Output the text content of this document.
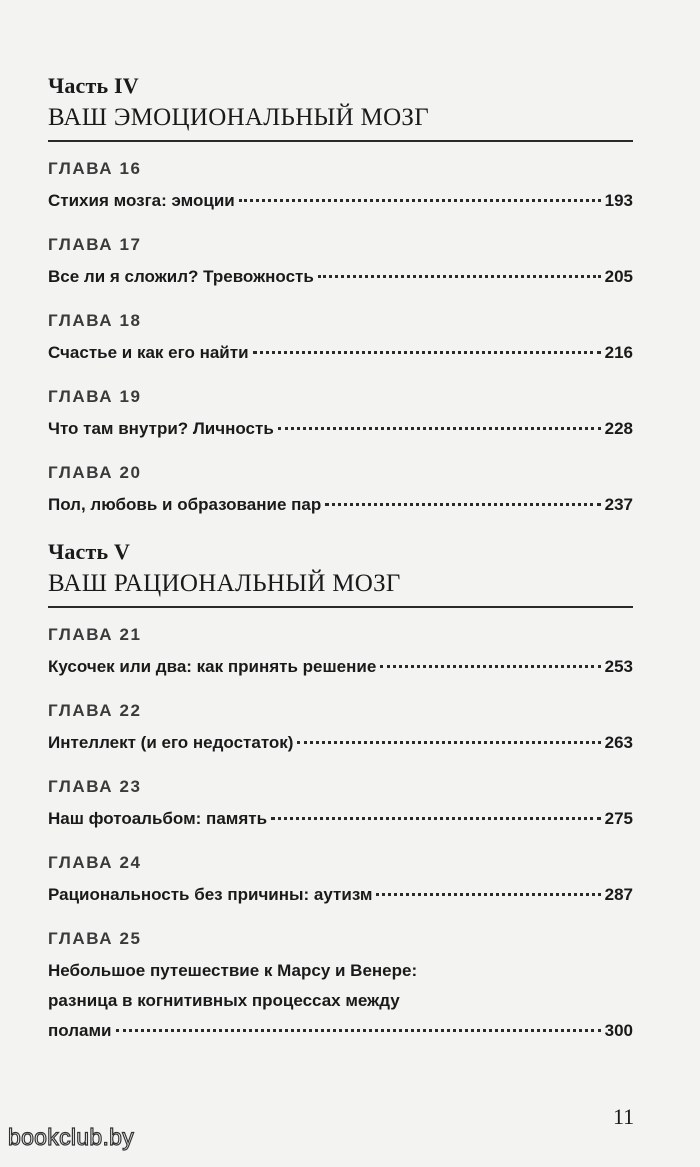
Часть IV
ВАШ ЭМОЦИОНАЛЬНЫЙ МОЗГ
ГЛАВА 16
Стихия мозга: эмоции	193
ГЛАВА 17
Все ли я сложил? Тревожность	205
ГЛАВА 18
Счастье и как его найти	216
ГЛАВА 19
Что там внутри? Личность	228
ГЛАВА 20
Пол, любовь и образование пар	237
Часть V
ВАШ РАЦИОНАЛЬНЫЙ МОЗГ
ГЛАВА 21
Кусочек или два: как принять решение	253
ГЛАВА 22
Интеллект (и его недостаток)	263
ГЛАВА 23
Наш фотоальбом: память	275
ГЛАВА 24
Рациональность без причины: аутизм	287
ГЛАВА 25
Небольшое путешествие к Марсу и Венере:
разница в когнитивных процессах между
полами	300
11
bookclub.by
